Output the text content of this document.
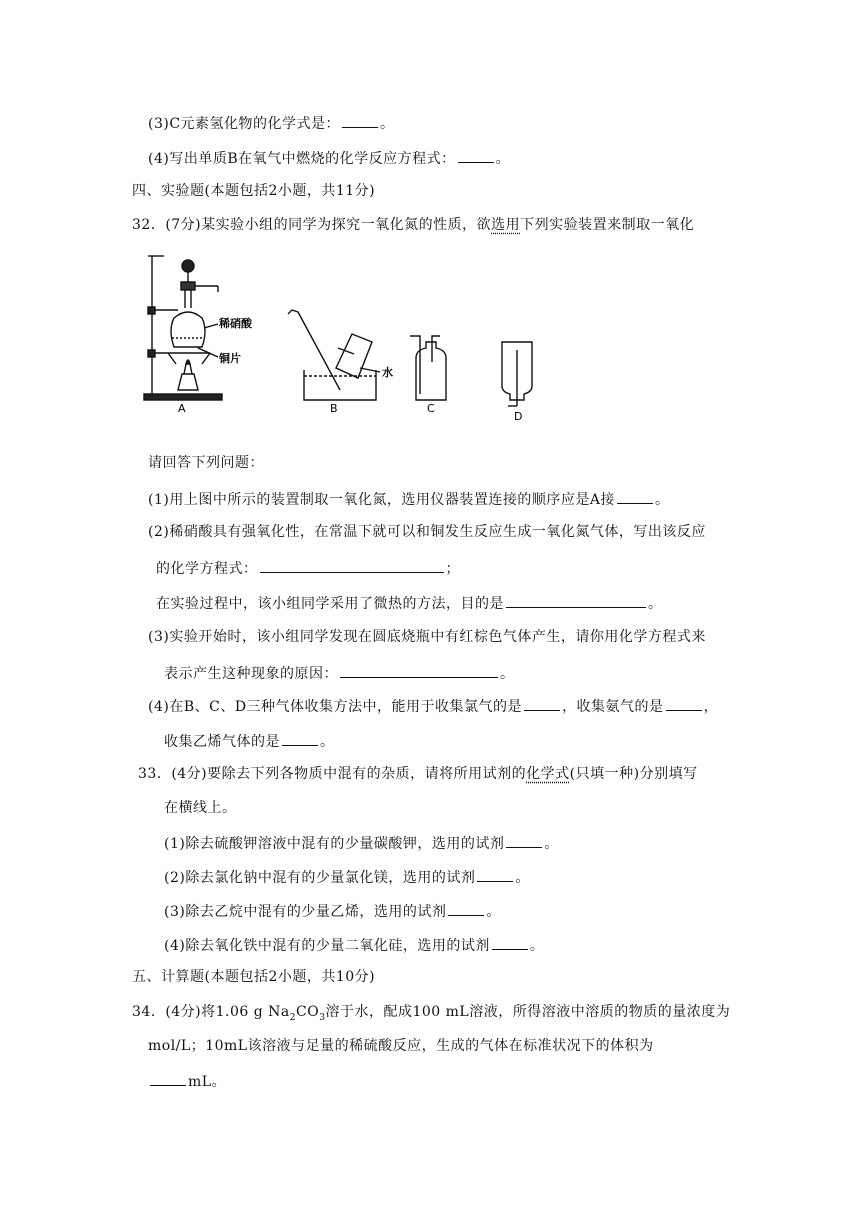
(3)C元素氢化物的化学式是：	。
(4)写出单质B在氧气中燃烧的化学反应方程式：	。
四、实验题(本题包括2小题，共11分)
32．(7分)某实验小组的同学为探究一氧化氮的性质，欲选用下列实验装置来制取一氧化
稀硝酸
铜片
A
水
B	C
D
请回答下列问题：
(1)用上图中所示的装置制取一氧化氮，选用仪器装置连接的顺序应是A接	。
(2)稀硝酸具有强氧化性，在常温下就可以和铜发生反应生成一氧化氮气体，写出该反应
的化学方程式：	；
在实验过程中，该小组同学采用了微热的方法，目的是	。
(3)实验开始时，该小组同学发现在圆底烧瓶中有红棕色气体产生，请你用化学方程式来
表示产生这种现象的原因：	。
(4)在B、C、D三种气体收集方法中，能用于收集氯气的是	，收集氨气的是	，
收集乙烯气体的是	。
33．(4分)要除去下列各物质中混有的杂质，请将所用试剂的化学式(只填一种)分别填写
在横线上。
(1)除去硫酸钾溶液中混有的少量碳酸钾，选用的试剂	。
(2)除去氯化钠中混有的少量氯化镁，选用的试剂	。
(3)除去乙烷中混有的少量乙烯，选用的试剂	。
(4)除去氧化铁中混有的少量二氧化硅，选用的试剂	。
五、计算题(本题包括2小题，共10分)
34．(4分)将1.06 g $Na_2CO_3$溶于水，配成100 mL溶液，所得溶液中溶质的物质的量浓度为
mol/L；10mL该溶液与足量的稀硫酸反应，生成的气体在标准状况下的体积为
mL。
